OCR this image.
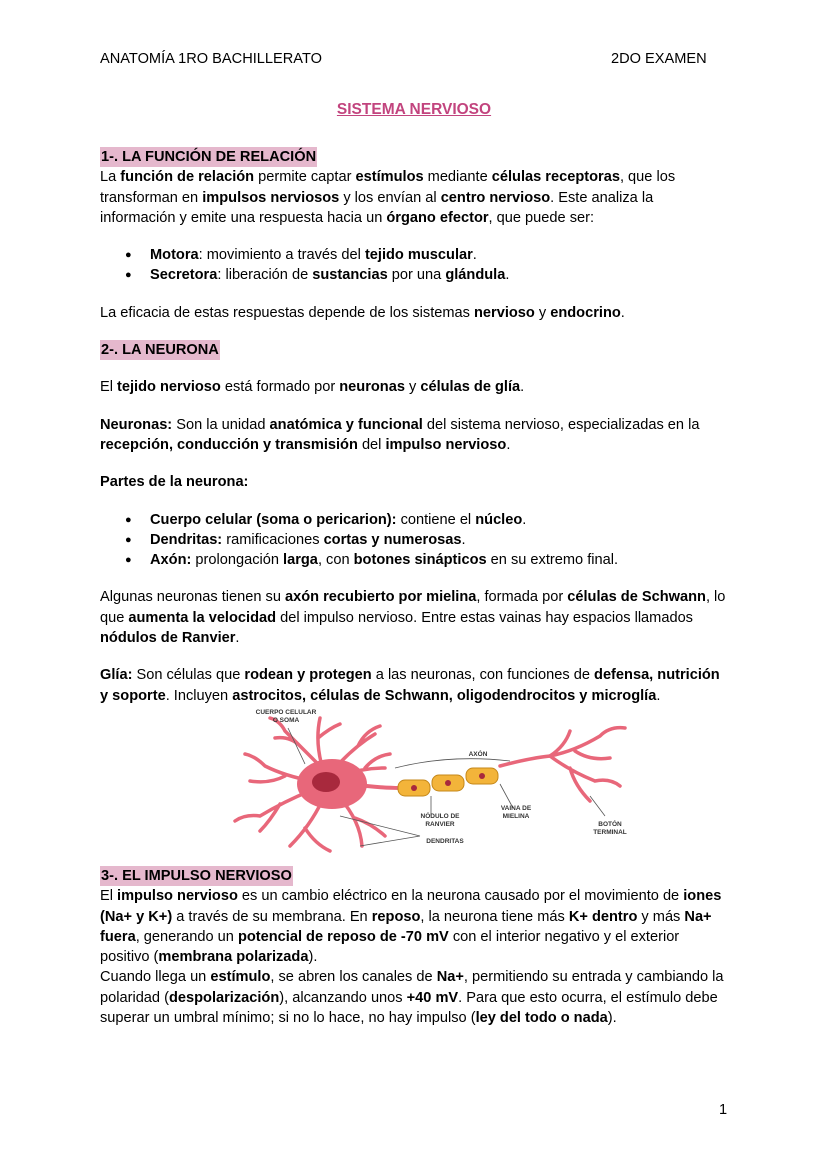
ANATOMÍA 1RO BACHILLERATO	2DO EXAMEN
SISTEMA NERVIOSO
1-. LA FUNCIÓN DE RELACIÓN

La función de relación permite captar estímulos mediante células receptoras, que los transforman en impulsos nerviosos y los envían al centro nervioso. Este analiza la información y emite una respuesta hacia un órgano efector, que puede ser:

● Motora: movimiento a través del tejido muscular.
● Secretora: liberación de sustancias por una glándula.

La eficacia de estas respuestas depende de los sistemas nervioso y endocrino.

2-. LA NEURONA

El tejido nervioso está formado por neuronas y células de glía.

Neuronas: Son la unidad anatómica y funcional del sistema nervioso, especializadas en la recepción, conducción y transmisión del impulso nervioso.

Partes de la neurona:

● Cuerpo celular (soma o pericarion): contiene el núcleo.
● Dendritas: ramificaciones cortas y numerosas.
● Axón: prolongación larga, con botones sinápticos en su extremo final.

Algunas neuronas tienen su axón recubierto por mielina, formada por células de Schwann, lo que aumenta la velocidad del impulso nervioso. Entre estas vainas hay espacios llamados nódulos de Ranvier.

Glía: Son células que rodean y protegen a las neuronas, con funciones de defensa, nutrición y soporte. Incluyen astrocitos, células de Schwann, oligodendrocitos y microglía.

CUERPO CELULAR
O SOMA
AXÓN
NÓDULO DE
RANVIER
VAINA DE
MIELINA
BOTÓN
TERMINAL
DENDRITAS
3-. EL IMPULSO NERVIOSO

El impulso nervioso es un cambio eléctrico en la neurona causado por el movimiento de iones (Na+ y K+) a través de su membrana. En reposo, la neurona tiene más K+ dentro y más Na+ fuera, generando un potencial de reposo de -70 mV con el interior negativo y el exterior positivo (membrana polarizada).

Cuando llega un estímulo, se abren los canales de Na+, permitiendo su entrada y cambiando la polaridad (despolarización), alcanzando unos +40 mV. Para que esto ocurra, el estímulo debe superar un umbral mínimo; si no lo hace, no hay impulso (ley del todo o nada).

1
